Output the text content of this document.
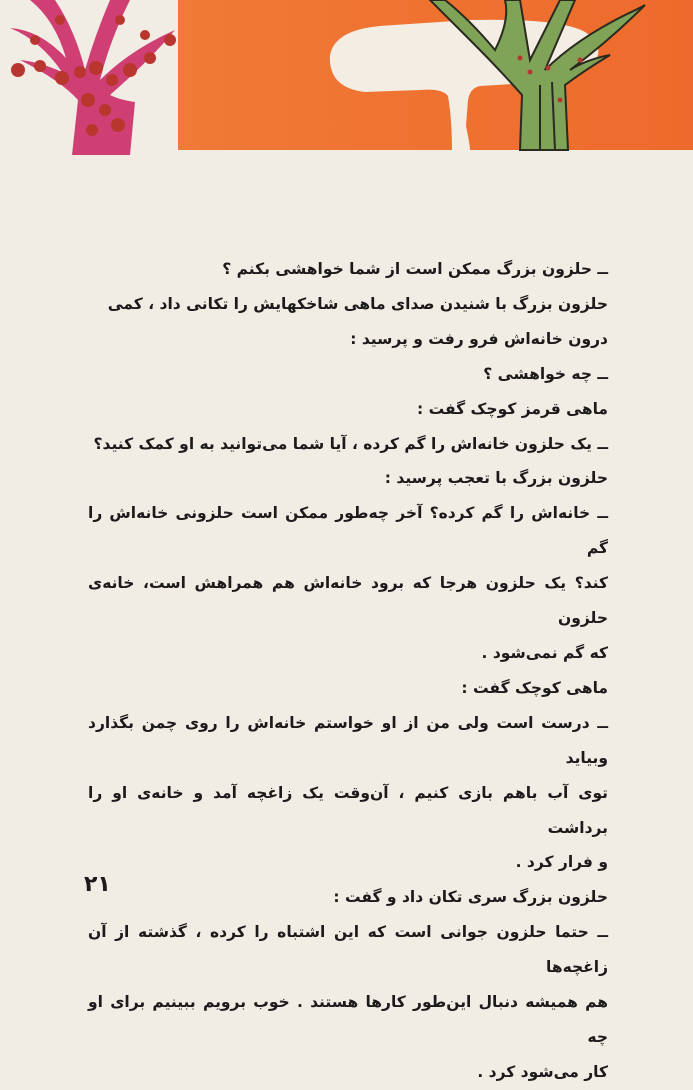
ــ حلزون بزرگ ممکن است از شما خواهشی بکنم ؟

حلزون بزرگ با شنیدن صدای ماهی شاخکهایش را تکانی داد ، کمی

درون خانه‌اش فرو رفت و پرسید :

ــ چه خواهشی ؟

ماهی قرمز کوچک گفت :

ــ یک حلزون خانه‌اش را گم کرده ، آیا شما می‌توانید به او کمک کنید؟

حلزون بزرگ با تعجب پرسید :

ــ خانه‌اش را گم کرده؟ آخر چه‌طور ممکن است حلزونی خانه‌اش را گم

کند؟ یک حلزون هرجا که برود خانه‌اش هم همراهش است، خانه‌ی حلزون

که گم نمی‌شود .

ماهی کوچک گفت :

ــ درست است ولی من از او خواستم خانه‌اش را روی چمن بگذارد وبیاید

توی آب باهم بازی کنیم ، آن‌وقت یک زاغچه آمد و خانه‌ی او را برداشت

و فرار کرد .

حلزون بزرگ سری تکان داد و گفت :

ــ حتما حلزون جوانی است که این اشتباه را کرده ، گذشته از آن زاغچه‌ها

هم همیشه دنبال این‌طور کارها هستند . خوب برویم ببینیم برای او چه

کار می‌شود کرد .

۲۱
